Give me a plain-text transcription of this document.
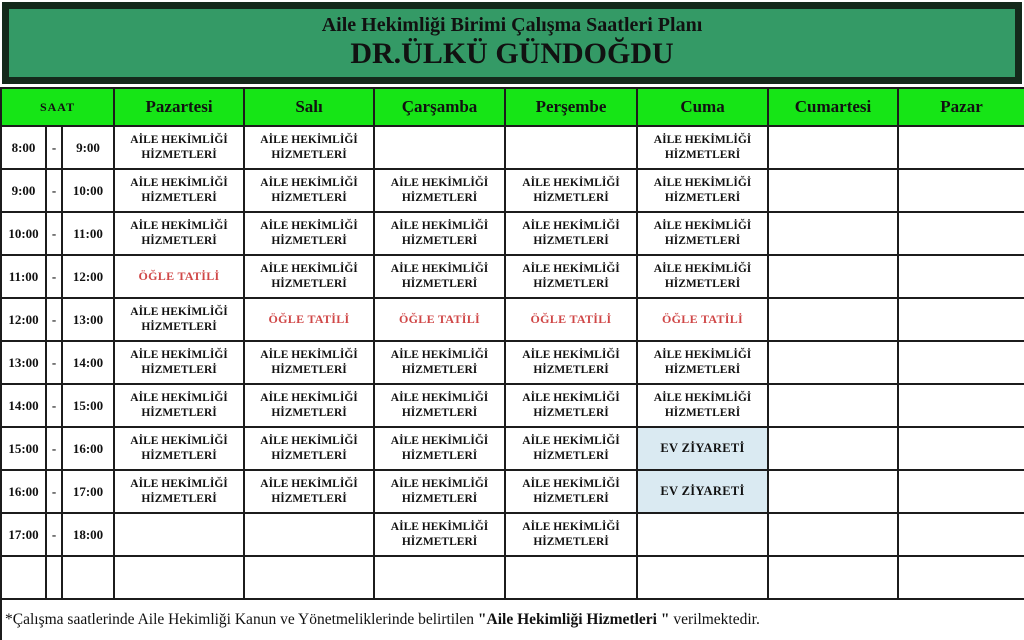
Aile Hekimliği Birimi Çalışma Saatleri Planı
DR.ÜLKÜ GÜNDOĞDU
SAAT			Pazartesi	Salı	Çarşamba	Perşembe	Cuma	Cumartesi	Pazar
8:00	-	9:00	AİLE HEKİMLİĞİ HİZMETLERİ	AİLE HEKİMLİĞİ HİZMETLERİ			AİLE HEKİMLİĞİ HİZMETLERİ		
9:00	-	10:00	AİLE HEKİMLİĞİ HİZMETLERİ	AİLE HEKİMLİĞİ HİZMETLERİ	AİLE HEKİMLİĞİ HİZMETLERİ	AİLE HEKİMLİĞİ HİZMETLERİ	AİLE HEKİMLİĞİ HİZMETLERİ		
10:00	-	11:00	AİLE HEKİMLİĞİ HİZMETLERİ	AİLE HEKİMLİĞİ HİZMETLERİ	AİLE HEKİMLİĞİ HİZMETLERİ	AİLE HEKİMLİĞİ HİZMETLERİ	AİLE HEKİMLİĞİ HİZMETLERİ		
11:00	-	12:00	ÖĞLE TATİLİ	AİLE HEKİMLİĞİ HİZMETLERİ	AİLE HEKİMLİĞİ HİZMETLERİ	AİLE HEKİMLİĞİ HİZMETLERİ	AİLE HEKİMLİĞİ HİZMETLERİ		
12:00	-	13:00	AİLE HEKİMLİĞİ HİZMETLERİ	ÖĞLE TATİLİ	ÖĞLE TATİLİ	ÖĞLE TATİLİ	ÖĞLE TATİLİ		
13:00	-	14:00	AİLE HEKİMLİĞİ HİZMETLERİ	AİLE HEKİMLİĞİ HİZMETLERİ	AİLE HEKİMLİĞİ HİZMETLERİ	AİLE HEKİMLİĞİ HİZMETLERİ	AİLE HEKİMLİĞİ HİZMETLERİ		
14:00	-	15:00	AİLE HEKİMLİĞİ HİZMETLERİ	AİLE HEKİMLİĞİ HİZMETLERİ	AİLE HEKİMLİĞİ HİZMETLERİ	AİLE HEKİMLİĞİ HİZMETLERİ	AİLE HEKİMLİĞİ HİZMETLERİ		
15:00	-	16:00	AİLE HEKİMLİĞİ HİZMETLERİ	AİLE HEKİMLİĞİ HİZMETLERİ	AİLE HEKİMLİĞİ HİZMETLERİ	AİLE HEKİMLİĞİ HİZMETLERİ	EV ZİYARETİ		
16:00	-	17:00	AİLE HEKİMLİĞİ HİZMETLERİ	AİLE HEKİMLİĞİ HİZMETLERİ	AİLE HEKİMLİĞİ HİZMETLERİ	AİLE HEKİMLİĞİ HİZMETLERİ	EV ZİYARETİ		
17:00	-	18:00			AİLE HEKİMLİĞİ HİZMETLERİ	AİLE HEKİMLİĞİ HİZMETLERİ			

*Çalışma saatlerinde Aile Hekimliği Kanun ve Yönetmeliklerinde belirtilen "Aile Hekimliği Hizmetleri " verilmektedir.
